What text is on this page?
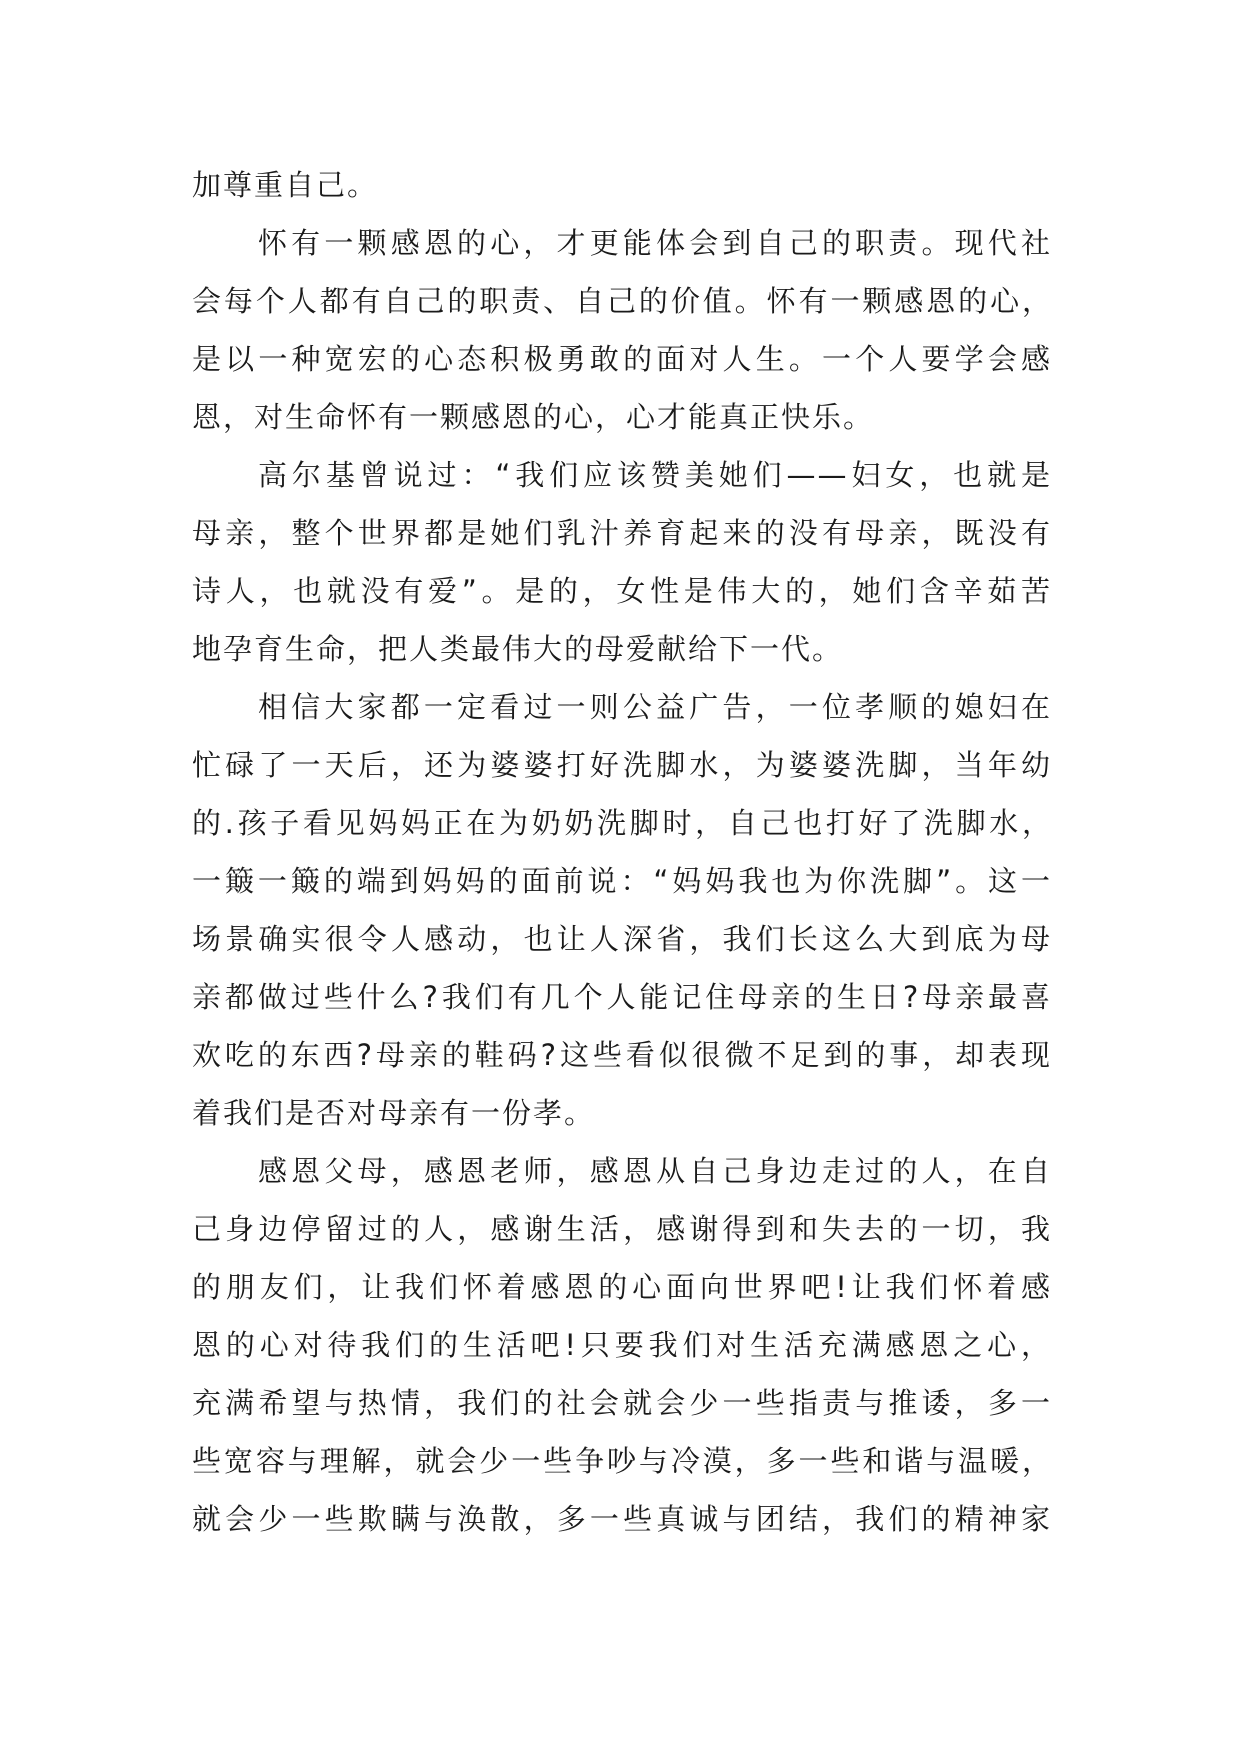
加尊重自己。
怀有一颗感恩的心，才更能体会到自己的职责。现代社
会每个人都有自己的职责、自己的价值。怀有一颗感恩的心，
是以一种宽宏的心态积极勇敢的面对人生。一个人要学会感
恩，对生命怀有一颗感恩的心，心才能真正快乐。
高尔基曾说过：“我们应该赞美她们——妇女，也就是
母亲，整个世界都是她们乳汁养育起来的没有母亲，既没有
诗人，也就没有爱”。是的，女性是伟大的，她们含辛茹苦
地孕育生命，把人类最伟大的母爱献给下一代。
相信大家都一定看过一则公益广告，一位孝顺的媳妇在
忙碌了一天后，还为婆婆打好洗脚水，为婆婆洗脚，当年幼
的.孩子看见妈妈正在为奶奶洗脚时，自己也打好了洗脚水，
一簸一簸的端到妈妈的面前说：“妈妈我也为你洗脚”。这一
场景确实很令人感动，也让人深省，我们长这么大到底为母
亲都做过些什么?我们有几个人能记住母亲的生日?母亲最喜
欢吃的东西?母亲的鞋码?这些看似很微不足到的事，却表现
着我们是否对母亲有一份孝。
感恩父母，感恩老师，感恩从自己身边走过的人，在自
己身边停留过的人，感谢生活，感谢得到和失去的一切，我
的朋友们，让我们怀着感恩的心面向世界吧!让我们怀着感
恩的心对待我们的生活吧!只要我们对生活充满感恩之心，
充满希望与热情，我们的社会就会少一些指责与推诿，多一
些宽容与理解，就会少一些争吵与冷漠，多一些和谐与温暖，
就会少一些欺瞒与涣散，多一些真诚与团结，我们的精神家
